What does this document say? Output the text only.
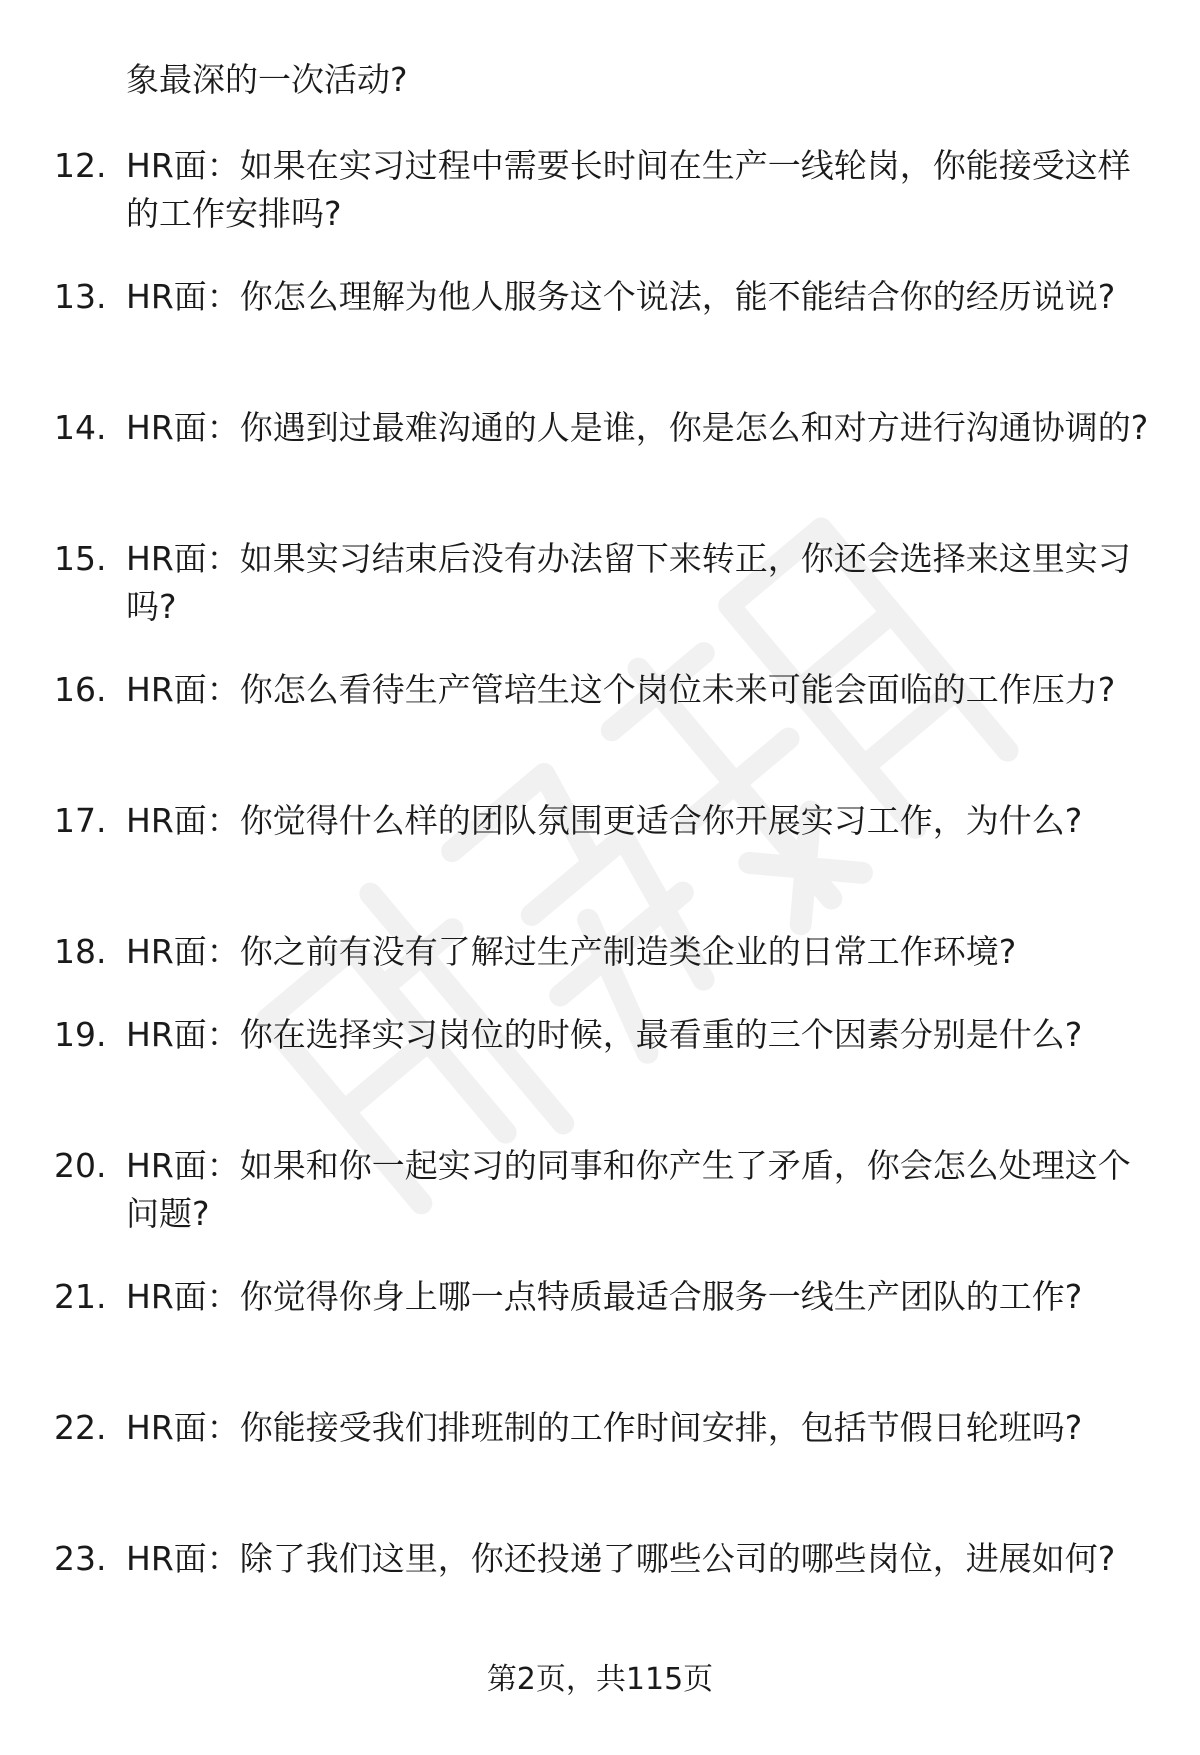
象最深的一次活动?
12. HR面：如果在实习过程中需要长时间在生产一线轮岗，你能接受这样的工作安排吗?
13. HR面：你怎么理解为他人服务这个说法，能不能结合你的经历说说?
14. HR面：你遇到过最难沟通的人是谁，你是怎么和对方进行沟通协调的?
15. HR面：如果实习结束后没有办法留下来转正，你还会选择来这里实习吗?
16. HR面：你怎么看待生产管培生这个岗位未来可能会面临的工作压力?
17. HR面：你觉得什么样的团队氛围更适合你开展实习工作，为什么?
18. HR面：你之前有没有了解过生产制造类企业的日常工作环境?
19. HR面：你在选择实习岗位的时候，最看重的三个因素分别是什么?
20. HR面：如果和你一起实习的同事和你产生了矛盾，你会怎么处理这个问题?
21. HR面：你觉得你身上哪一点特质最适合服务一线生产团队的工作?
22. HR面：你能接受我们排班制的工作时间安排，包括节假日轮班吗?
23. HR面：除了我们这里，你还投递了哪些公司的哪些岗位，进展如何?
第2页，共115页
